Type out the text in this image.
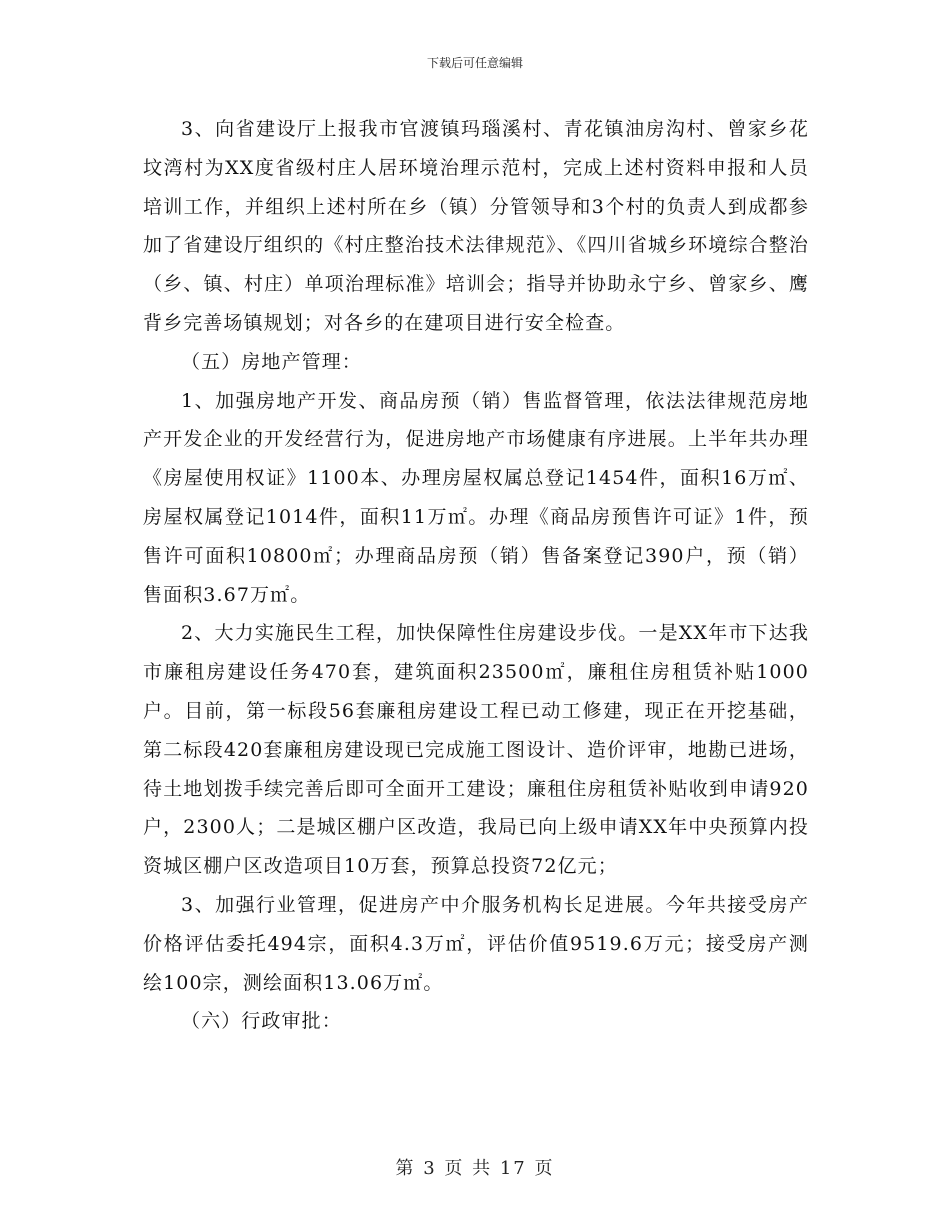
下载后可任意编辑

3、向省建设厅上报我市官渡镇玛瑙溪村、青花镇油房沟村、曾家乡花坟湾村为XX度省级村庄人居环境治理示范村，完成上述村资料申报和人员培训工作，并组织上述村所在乡（镇）分管领导和3个村的负责人到成都参加了省建设厅组织的《村庄整治技术法律规范》、《四川省城乡环境综合整治（乡、镇、村庄）单项治理标准》培训会；指导并协助永宁乡、曾家乡、鹰背乡完善场镇规划；对各乡的在建项目进行安全检查。

（五）房地产管理：

1、加强房地产开发、商品房预（销）售监督管理，依法法律规范房地产开发企业的开发经营行为，促进房地产市场健康有序进展。上半年共办理《房屋使用权证》1100本、办理房屋权属总登记1454件，面积16万㎡、房屋权属登记1014件，面积11万㎡。办理《商品房预售许可证》1件，预售许可面积10800㎡；办理商品房预（销）售备案登记390户，预（销）售面积3.67万㎡。

2、大力实施民生工程，加快保障性住房建设步伐。一是XX年市下达我市廉租房建设任务470套，建筑面积23500㎡，廉租住房租赁补贴1000户。目前，第一标段56套廉租房建设工程已动工修建，现正在开挖基础，第二标段420套廉租房建设现已完成施工图设计、造价评审，地勘已进场，待土地划拨手续完善后即可全面开工建设；廉租住房租赁补贴收到申请920户，2300人；二是城区棚户区改造，我局已向上级申请XX年中央预算内投资城区棚户区改造项目10万套，预算总投资72亿元；

3、加强行业管理，促进房产中介服务机构长足进展。今年共接受房产价格评估委托494宗，面积4.3万㎡，评估价值9519.6万元；接受房产测绘100宗，测绘面积13.06万㎡。

（六）行政审批：

第 3 页 共 17 页
